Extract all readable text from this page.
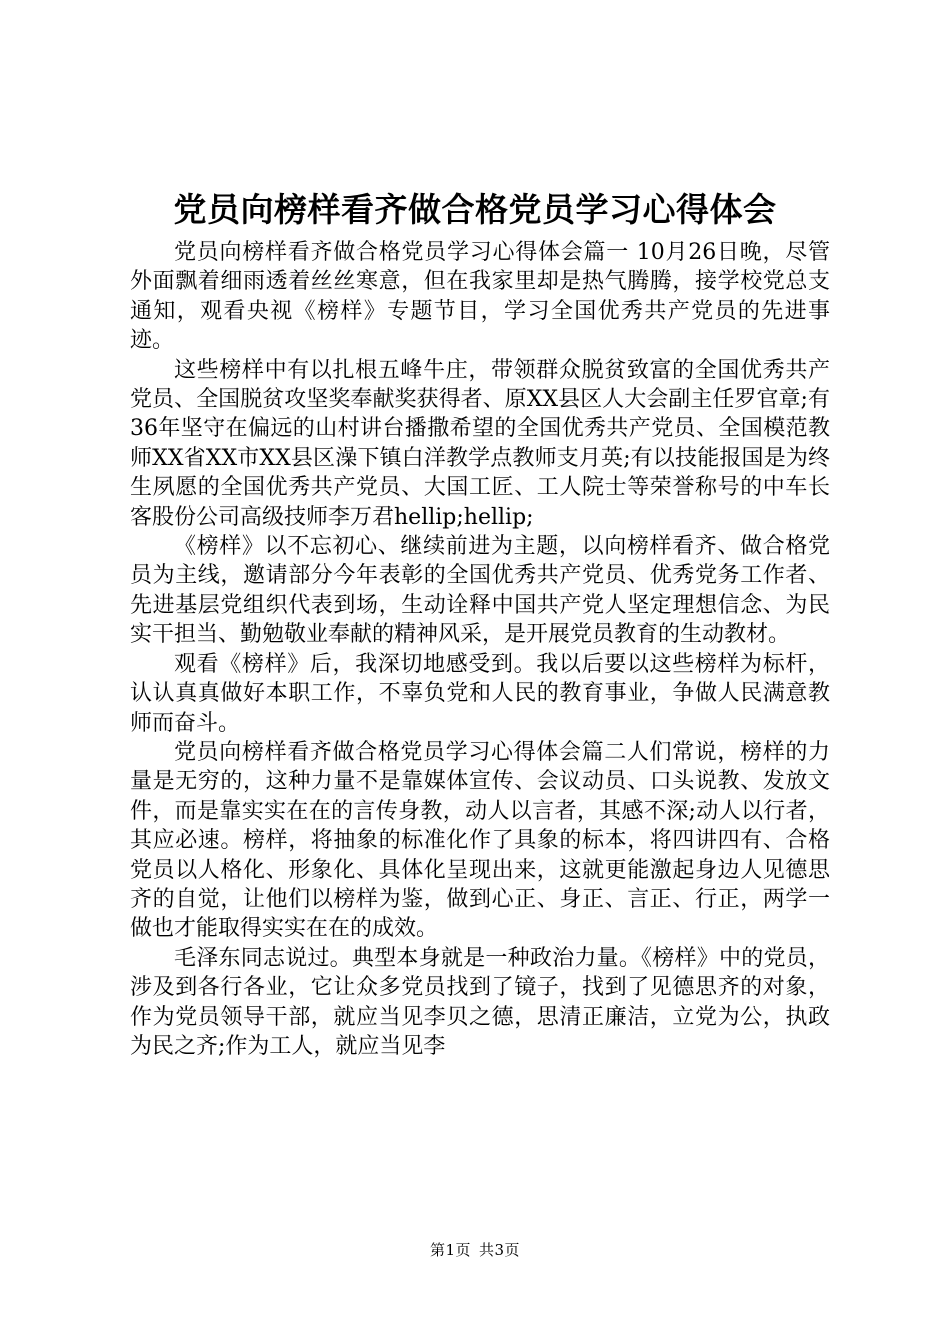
党员向榜样看齐做合格党员学习心得体会

党员向榜样看齐做合格党员学习心得体会篇一 10月26日晚，尽管外面飘着细雨透着丝丝寒意，但在我家里却是热气腾腾，接学校党总支通知，观看央视《榜样》专题节目，学习全国优秀共产党员的先进事迹。

这些榜样中有以扎根五峰牛庄，带领群众脱贫致富的全国优秀共产党员、全国脱贫攻坚奖奉献奖获得者、原XX县区人大会副主任罗官章;有36年坚守在偏远的山村讲台播撒希望的全国优秀共产党员、全国模范教师XX省XX市XX县区澡下镇白洋教学点教师支月英;有以技能报国是为终生夙愿的全国优秀共产党员、大国工匠、工人院士等荣誉称号的中车长客股份公司高级技师李万君hellip;hellip;

《榜样》以不忘初心、继续前进为主题，以向榜样看齐、做合格党员为主线，邀请部分今年表彰的全国优秀共产党员、优秀党务工作者、先进基层党组织代表到场，生动诠释中国共产党人坚定理想信念、为民实干担当、勤勉敬业奉献的精神风采，是开展党员教育的生动教材。

观看《榜样》后，我深切地感受到。我以后要以这些榜样为标杆，认认真真做好本职工作，不辜负党和人民的教育事业，争做人民满意教师而奋斗。

党员向榜样看齐做合格党员学习心得体会篇二人们常说，榜样的力量是无穷的，这种力量不是靠媒体宣传、会议动员、口头说教、发放文件，而是靠实实在在的言传身教，动人以言者，其感不深;动人以行者，其应必速。榜样，将抽象的标准化作了具象的标本，将四讲四有、合格党员以人格化、形象化、具体化呈现出来，这就更能激起身边人见德思齐的自觉，让他们以榜样为鉴，做到心正、身正、言正、行正，两学一做也才能取得实实在在的成效。

毛泽东同志说过。典型本身就是一种政治力量。《榜样》中的党员，涉及到各行各业，它让众多党员找到了镜子，找到了见德思齐的对象，作为党员领导干部，就应当见李贝之德，思清正廉洁，立党为公，执政为民之齐;作为工人，就应当见李

第1页 共3页
